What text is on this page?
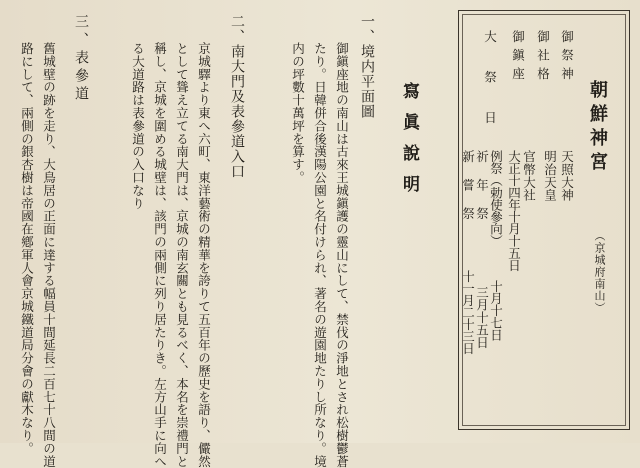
朝鮮神宮
（京城府南山）
御祭神
天照大神
明治天皇
御社格
官幣大社
御鎭座
大正十四年十月十五日
大祭日
例祭（勅使參向）
十月十七日
祈年祭
三月十五日
新嘗祭
十一月二十三日
寫眞說明
一、境内平面圖
御鎭座地の南山は古來王城鎭護の靈山にして、禁伐の淨地とされ松樹鬱蒼
たり。日韓併合後漢陽公園と名付けられ、著名の遊園地たりし所なり。境
内の坪數十萬坪を算す。
二、南大門及表參道入口
京城驛より東へ六町、東洋藝術の精華を誇りて五百年の歷史を語り、儼然
として聳え立てる南大門は、京城の南玄關とも見るべく、本名を崇禮門と
稱し、京城を圍める城壁は、該門の兩側に列り居たりき。左方山手に向へ
る大道路は表參道の入口なり
三、表參道
舊城壁の跡を走り、大鳥居の正面に達する幅員十間延長二百七十八間の道
路にして、兩側の銀杏樹は帝國在鄕軍人會京城鐵道局分會の獻木なり。
